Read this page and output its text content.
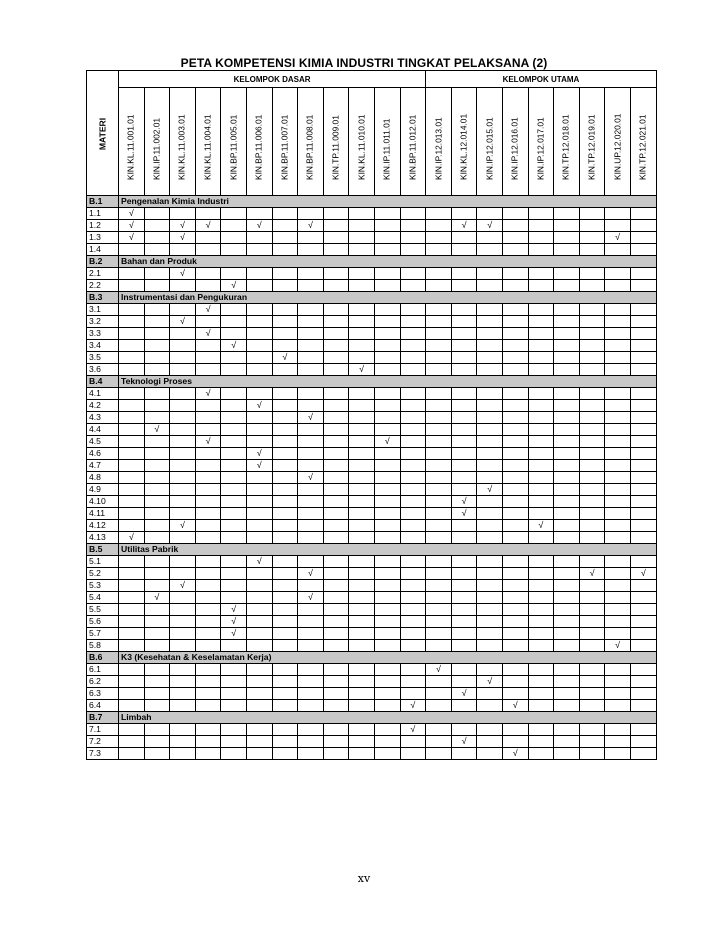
PETA KOMPETENSI KIMIA INDUSTRI TINGKAT PELAKSANA (2)
MATERI	KELOMPOK DASAR												KELOMPOK UTAMA								

	KIN.KL.11.001.01	KIN.IP.11.002.01	KIN.KL.11.003.01	KIN.KL.11.004.01	KIN.BP.11.005.01	KIN.BP.11.006.01	KIN.BP.11.007.01	KIN.BP.11.008.01	KIN.TP.11.009.01	KIN.KL.11.010.01	KIN.IP.11.011.01	KIN.BP.11.012.01	KIN.IP.12.013.01	KIN.KL.12.014.01	KIN.IP.12.015.01	KIN.IP.12.016.01	KIN.IP.12.017.01	KIN.TP.12.018.01	KIN.TP.12.019.01	KIN.UP.12.020.01	KIN.TP.12.021.01

B.1	Pengenalan Kimia Industri																				
1.1	√																				
1.2	√		√	√		√		√						√	√						
1.3	√		√																	√	
1.4																					
B.2	Bahan dan Produk																				
2.1			√																		
2.2					√																
B.3	Instrumentasi dan Pengukuran																				
3.1				√																	
3.2			√																		
3.3				√																	
3.4					√																
3.5							√														
3.6										√											
B.4	Teknologi Proses																				
4.1				√																	
4.2						√															
4.3								√													
4.4		√																			
4.5				√							√										
4.6						√															
4.7						√															
4.8								√													
4.9															√						
4.10														√							
4.11														√							
4.12			√														√				
4.13	√																				
B.5	Utilitas Pabrik																				
5.1						√															
5.2								√											√		√
5.3			√																		
5.4		√						√													
5.5					√																
5.6					√																
5.7					√																
5.8																				√	
B.6	K3 (Kesehatan & Keselamatan Kerja)																				
6.1													√								
6.2															√						
6.3														√							
6.4												√				√					
B.7	Limbah																				
7.1												√									
7.2														√							
7.3																√					
xv
